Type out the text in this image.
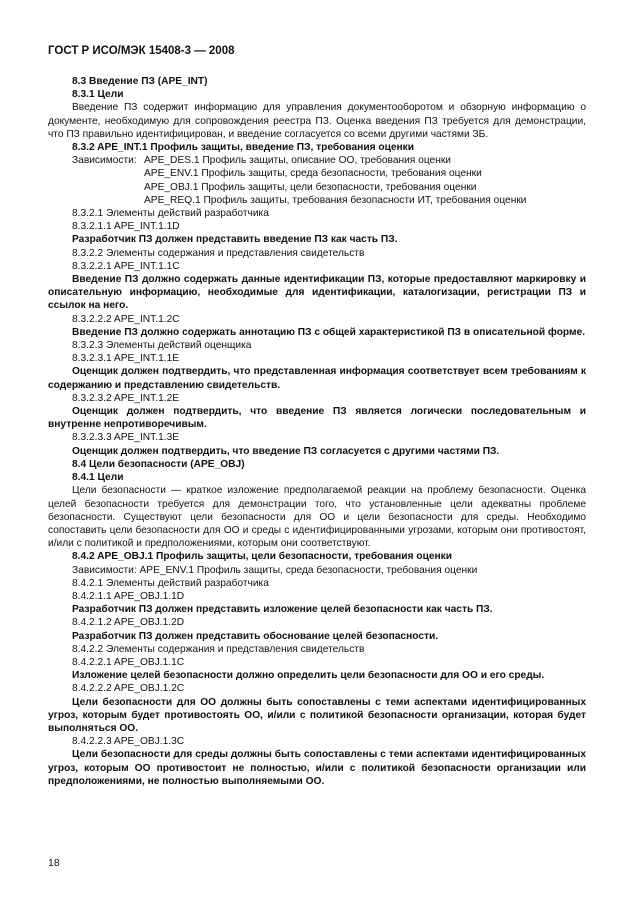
ГОСТ Р ИСО/МЭК 15408-3 — 2008

8.3 Введение ПЗ (APE_INT)

8.3.1 Цели

Введение ПЗ содержит информацию для управления документооборотом и обзорную информацию о документе, необходимую для сопровождения реестра ПЗ. Оценка введения ПЗ требуется для демонстрации, что ПЗ правильно идентифицирован, и введение согласуется со всеми другими частями ЗБ.

8.3.2 APE_INT.1 Профиль защиты, введение ПЗ, требования оценки

Зависимости: APE_DES.1 Профиль защиты, описание ОО, требования оценки
APE_ENV.1 Профиль защиты, среда безопасности, требования оценки
APE_OBJ.1 Профиль защиты, цели безопасности, требования оценки
APE_REQ.1 Профиль защиты, требования безопасности ИТ, требования оценки

8.3.2.1 Элементы действий разработчика

8.3.2.1.1 APE_INT.1.1D

Разработчик ПЗ должен представить введение ПЗ как часть ПЗ.

8.3.2.2 Элементы содержания и представления свидетельств

8.3.2.2.1 APE_INT.1.1C

Введение ПЗ должно содержать данные идентификации ПЗ, которые предоставляют маркировку и описательную информацию, необходимые для идентификации, каталогизации, регистрации ПЗ и ссылок на него.

8.3.2.2.2 APE_INT.1.2C

Введение ПЗ должно содержать аннотацию ПЗ с общей характеристикой ПЗ в описательной форме.

8.3.2.3 Элементы действий оценщика

8.3.2.3.1 APE_INT.1.1E

Оценщик должен подтвердить, что представленная информация соответствует всем требованиям к содержанию и представлению свидетельств.

8.3.2.3.2 APE_INT.1.2E

Оценщик должен подтвердить, что введение ПЗ является логически последовательным и внутренне непротиворечивым.

8.3.2.3.3 APE_INT.1.3E

Оценщик должен подтвердить, что введение ПЗ согласуется с другими частями ПЗ.

8.4 Цели безопасности (APE_OBJ)

8.4.1 Цели

Цели безопасности — краткое изложение предполагаемой реакции на проблему безопасности. Оценка целей безопасности требуется для демонстрации того, что установленные цели адекватны проблеме безопасности. Существуют цели безопасности для ОО и цели безопасности для среды. Необходимо сопоставить цели безопасности для ОО и среды с идентифицированными угрозами, которым они противостоят, и/или с политикой и предположениями, которым они соответствуют.

8.4.2 APE_OBJ.1 Профиль защиты, цели безопасности, требования оценки

Зависимости: APE_ENV.1 Профиль защиты, среда безопасности, требования оценки

8.4.2.1 Элементы действий разработчика

8.4.2.1.1 APE_OBJ.1.1D

Разработчик ПЗ должен представить изложение целей безопасности как часть ПЗ.

8.4.2.1.2 APE_OBJ.1.2D

Разработчик ПЗ должен представить обоснование целей безопасности.

8.4.2.2 Элементы содержания и представления свидетельств

8.4.2.2.1 APE_OBJ.1.1C

Изложение целей безопасности должно определить цели безопасности для ОО и его среды.

8.4.2.2.2 APE_OBJ.1.2C

Цели безопасности для ОО должны быть сопоставлены с теми аспектами идентифицированных угроз, которым будет противостоять ОО, и/или с политикой безопасности организации, которая будет выполняться ОО.

8.4.2.2.3 APE_OBJ.1.3C

Цели безопасности для среды должны быть сопоставлены с теми аспектами идентифицированных угроз, которым ОО противостоит не полностью, и/или с политикой безопасности организации или предположениями, не полностью выполняемыми ОО.

18
